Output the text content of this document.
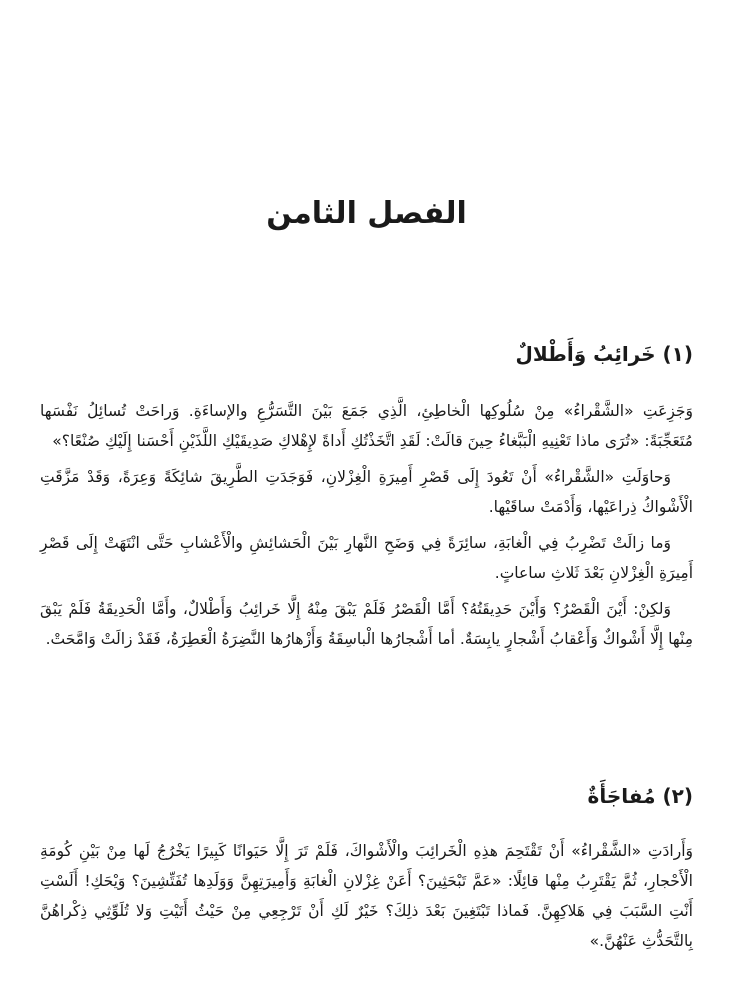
الفصل الثامن
(١) خَرائِبُ وَأَطْلالٌ

وَجَزِعَتِ «الشَّقْراءُ» مِنْ سُلُوكِها الْخاطِئِ، الَّذِي جَمَعَ بَيْنَ التَّسَرُّعِ والإساءَةِ. وَراحَتْ تُسائِلُ نَفْسَها مُتَعَجِّبَةً: «تُرَى ماذا تَعْنِيهِ الْبَبَّغاءُ حِينَ قالَتْ: لَقَدِ اتَّخَذْتُكِ أَداةً لإِهْلاكِ صَدِيقَيْكِ اللَّذَيْنِ أَحْسَنا إِلَيْكِ صُنْعًا؟»

وَحاوَلَتِ «الشَّقْراءُ» أَنْ تَعُودَ إِلَى قَصْرِ أَمِيرَةِ الْغِزْلانِ، فَوَجَدَتِ الطَّرِيقَ شائِكَةً وَعِرَةً، وَقَدْ مَزَّقَتِ الْأَشْواكُ ذِراعَيْها، وَأَدْمَتْ ساقَيْها.

وَما زالَتْ تَضْرِبُ فِي الْغابَةِ، سائِرَةً فِي وَضَحِ النَّهارِ بَيْنَ الْحَشائِشِ والْأَعْشابِ حَتَّى انْتَهَتْ إِلَى قَصْرِ أَمِيرَةِ الْغِزْلانِ بَعْدَ ثَلاثِ ساعاتٍ.

وَلكِنْ: أَيْنَ الْقَصْرُ؟ وَأَيْنَ حَدِيقَتُهُ؟ أَمَّا الْقَصْرُ فَلَمْ يَبْقَ مِنْهُ إِلَّا خَرائِبُ وَأَطْلالٌ، وأَمَّا الْحَدِيقَةُ فَلَمْ يَبْقَ مِنْها إِلَّا أَشْواكٌ وَأَعْقابُ أَشْجارٍ يابِسَةٌ. أما أَشْجارُها الْباسِقَةُ وَأَزْهارُها النَّضِرَةُ الْعَطِرَةُ، فَقَدْ زالَتْ وَامَّحَتْ.

(٢) مُفاجَأَةٌ

وَأَرادَتِ «الشَّقْراءُ» أَنْ تَقْتَحِمَ هذِهِ الْخَرائِبَ والْأَشْواكَ، فَلَمْ تَرَ إِلَّا حَيَوانًا كَبِيرًا يَخْرُجُ لَها مِنْ بَيْنِ كُومَةِ الْأَحْجارِ، ثُمَّ يَقْتَرِبُ مِنْها قائِلًا: «عَمَّ تَبْحَثِينَ؟ أَعَنْ غِزْلانِ الْغابَةِ وَأَمِيرَتِهِنَّ وَوَلَدِها تُفَتِّشِينَ؟ وَيْحَكِ! أَلَسْتِ أَنْتِ السَّبَبَ فِي هَلاكِهِنَّ. فَماذا تَبْتَغِينَ بَعْدَ ذلِكَ؟ خَيْرٌ لَكِ أَنْ تَرْجِعِي مِنْ حَيْثُ أَتَيْتِ وَلا تُلَوِّثِي ذِكْراهُنَّ بِالتَّحَدُّثِ عَنْهُنَّ.»
